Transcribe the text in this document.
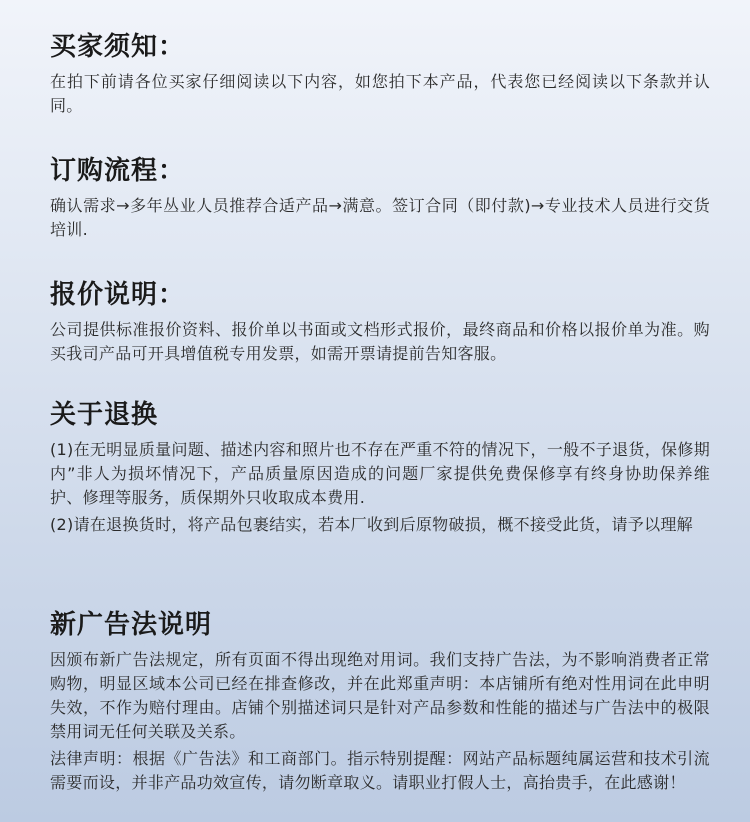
买家须知：

在拍下前请各位买家仔细阅读以下内容，如您拍下本产品，代表您已经阅读以下条款并认同。

订购流程：

确认需求→多年丛业人员推荐合适产品→满意。签订合同（即付款)→专业技术人员进行交货培训.

报价说明：

公司提供标准报价资料、报价单以书面或文档形式报价，最终商品和价格以报价单为准。购买我司产品可开具增值税专用发票，如需开票请提前告知客服。

关于退换

(1)在无明显质量问题、描述内容和照片也不存在严重不符的情况下，一般不子退货，保修期内”非人为损坏情况下，产品质量原因造成的问题厂家提供免费保修享有终身协助保养维护、修理等服务，质保期外只收取成本费用.

(2)请在退换货时，将产品包裹结实，若本厂收到后原物破损，概不接受此货，请予以理解

新广告法说明

因颁布新广告法规定，所有页面不得出现绝对用词。我们支持广告法，为不影响消费者正常购物，明显区域本公司已经在排查修改，并在此郑重声明：本店铺所有绝对性用词在此申明失效，不作为赔付理由。店铺个别描述词只是针对产品参数和性能的描述与广告法中的极限禁用词无任何关联及关系。

法律声明：根据《广告法》和工商部门。指示特别提醒：网站产品标题纯属运营和技术引流需要而设，并非产品功效宣传，请勿断章取义。请职业打假人士，高抬贵手，在此感谢！
